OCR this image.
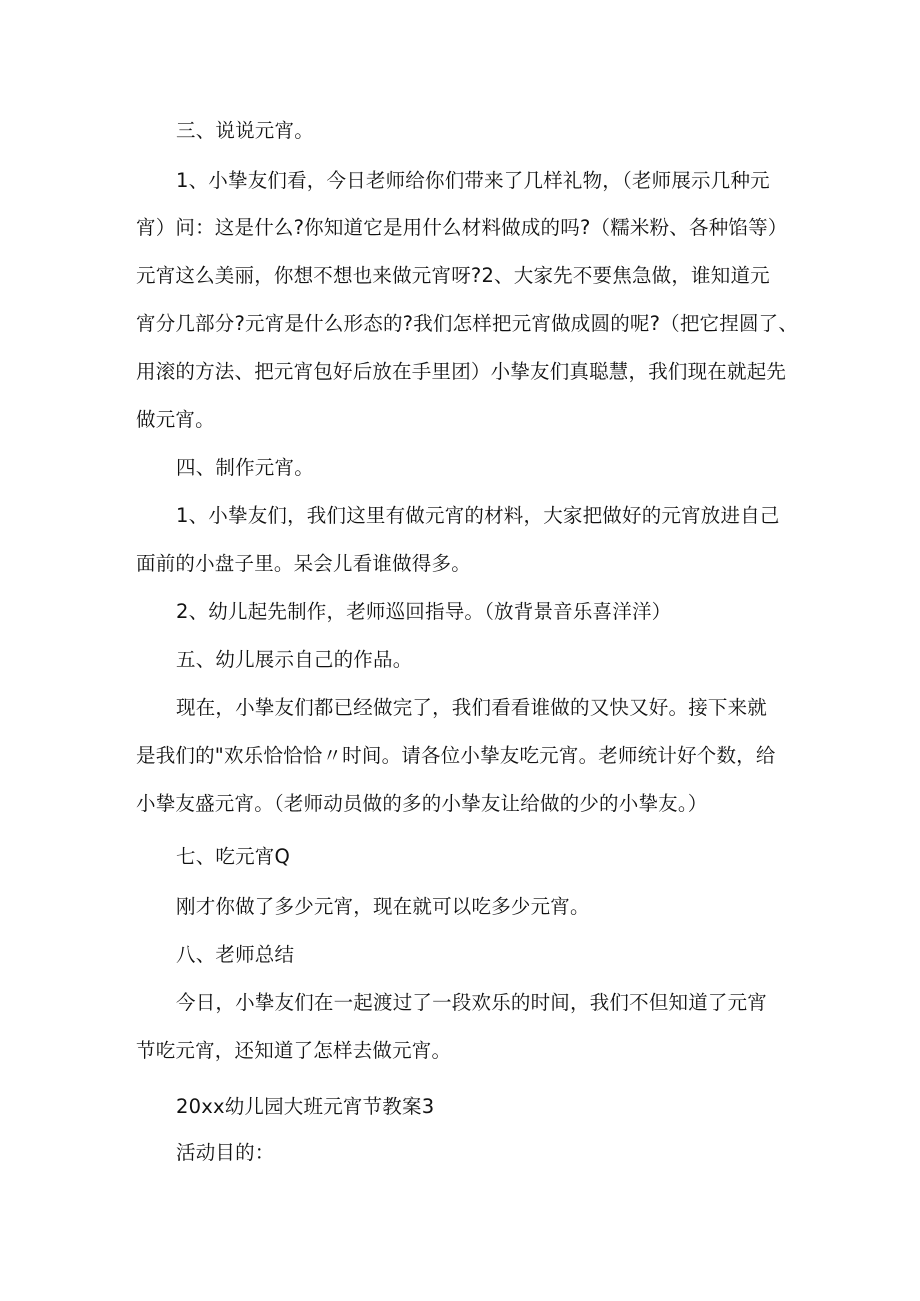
三、说说元宵。
1、小挚友们看，今日老师给你们带来了几样礼物，（老师展示几种元
宵）问：这是什么?你知道它是用什么材料做成的吗?（糯米粉、各种馅等）
元宵这么美丽，你想不想也来做元宵呀?2、大家先不要焦急做，谁知道元
宵分几部分?元宵是什么形态的?我们怎样把元宵做成圆的呢?（把它捏圆了、
用滚的方法、把元宵包好后放在手里团）小挚友们真聪慧，我们现在就起先
做元宵。
四、制作元宵。
1、小挚友们，我们这里有做元宵的材料，大家把做好的元宵放进自己
面前的小盘子里。呆会儿看谁做得多。
2、幼儿起先制作，老师巡回指导。（放背景音乐喜洋洋）
五、幼儿展示自己的作品。
现在，小挚友们都已经做完了，我们看看谁做的又快又好。接下来就
是我们的"欢乐恰恰恰〃时间。请各位小挚友吃元宵。老师统计好个数，给
小挚友盛元宵。（老师动员做的多的小挚友让给做的少的小挚友。）
七、吃元宵Q
刚才你做了多少元宵，现在就可以吃多少元宵。
八、老师总结
今日，小挚友们在一起渡过了一段欢乐的时间，我们不但知道了元宵
节吃元宵，还知道了怎样去做元宵。
20xx幼儿园大班元宵节教案3
活动目的：
